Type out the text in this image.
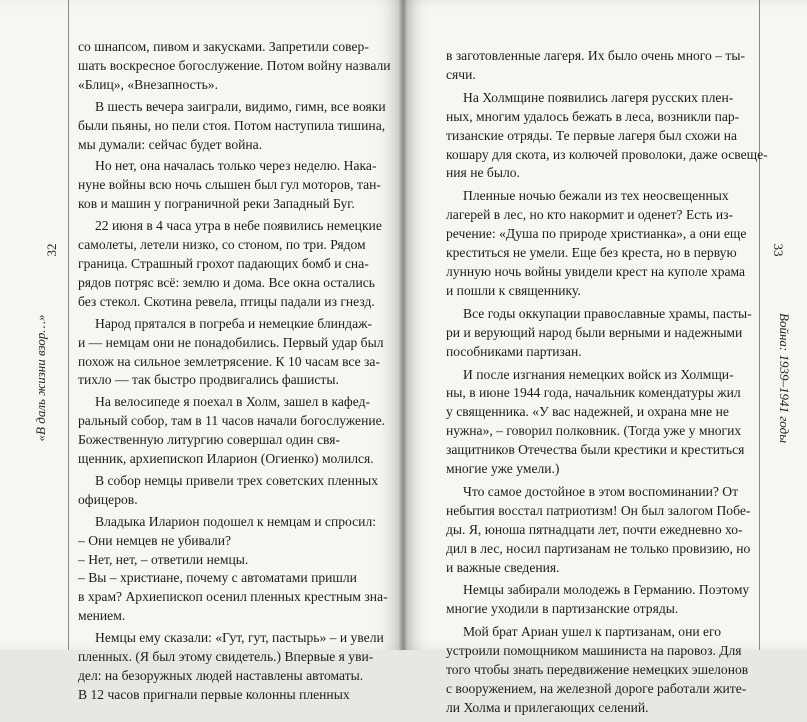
32
«В даль жизни взор…»
со шнапсом, пивом и закусками. Запретили совер-
шать воскресное богослужение. Потом войну назвали
«Блиц», «Внезапность».
В шесть вечера заиграли, видимо, гимн, все вояки
были пьяны, но пели стоя. Потом наступила тишина,
мы думали: сейчас будет война.
Но нет, она началась только через неделю. Нака-
нуне войны всю ночь слышен был гул моторов, тан-
ков и машин у пограничной реки Западный Буг.
22 июня в 4 часа утра в небе появились немецкие
самолеты, летели низко, со стоном, по три. Рядом
граница. Страшный грохот падающих бомб и сна-
рядов потряс всё: землю и дома. Все окна остались
без стекол. Скотина ревела, птицы падали из гнезд.
Народ прятался в погреба и немецкие блиндаж-
и — немцам они не понадобились. Первый удар был
похож на сильное землетрясение. К 10 часам все за-
тихло — так быстро продвигались фашисты.
На велосипеде я поехал в Холм, зашел в кафед-
ральный собор, там в 11 часов начали богослужение.
Божественную литургию совершал один свя-
щенник, архиепископ Иларион (Огиенко) молился.
В собор немцы привели трех советских пленных
офицеров.
Владыка Иларион подошел к немцам и спросил:
– Они немцев не убивали?
– Нет, нет, – ответили немцы.
– Вы – христиане, почему с автоматами пришли
в храм? Архиепископ осенил пленных крестным зна-
мением.
Немцы ему сказали: «Гут, гут, пастырь» – и увели
пленных. (Я был этому свидетель.) Впервые я уви-
дел: на безоружных людей наставлены автоматы.
В 12 часов пригнали первые колонны пленных
33
Война: 1939–1941 годы
в заготовленные лагеря. Их было очень много – ты-
сячи.
На Холмщине появились лагеря русских плен-
ных, многим удалось бежать в леса, возникли пар-
тизанские отряды. Те первые лагеря был схожи на
кошару для скота, из колючей проволоки, даже освеще-
ния не было.
Пленные ночью бежали из тех неосвещенных
лагерей в лес, но кто накормит и оденет? Есть из-
речение: «Душа по природе христианка», а они еще
креститься не умели. Еще без креста, но в первую
лунную ночь войны увидели крест на куполе храма
и пошли к священнику.
Все годы оккупации православные храмы, пасты-
ри и верующий народ были верными и надежными
пособниками партизан.
И после изгнания немецких войск из Холмщи-
ны, в июне 1944 года, начальник комендатуры жил
у священника. «У вас надежней, и охрана мне не
нужна», – говорил полковник. (Тогда уже у многих
защитников Отечества были крестики и креститься
многие уже умели.)
Что самое достойное в этом воспоминании? От
небытия восстал патриотизм! Он был залогом Побе-
ды. Я, юноша пятнадцати лет, почти ежедневно хо-
дил в лес, носил партизанам не только провизию, но
и важные сведения.
Немцы забирали молодежь в Германию. Поэтому
многие уходили в партизанские отряды.
Мой брат Ариан ушел к партизанам, они его
устроили помощником машиниста на паровоз. Для
того чтобы знать передвижение немецких эшелонов
с вооружением, на железной дороге работали жите-
ли Холма и прилегающих селений.
